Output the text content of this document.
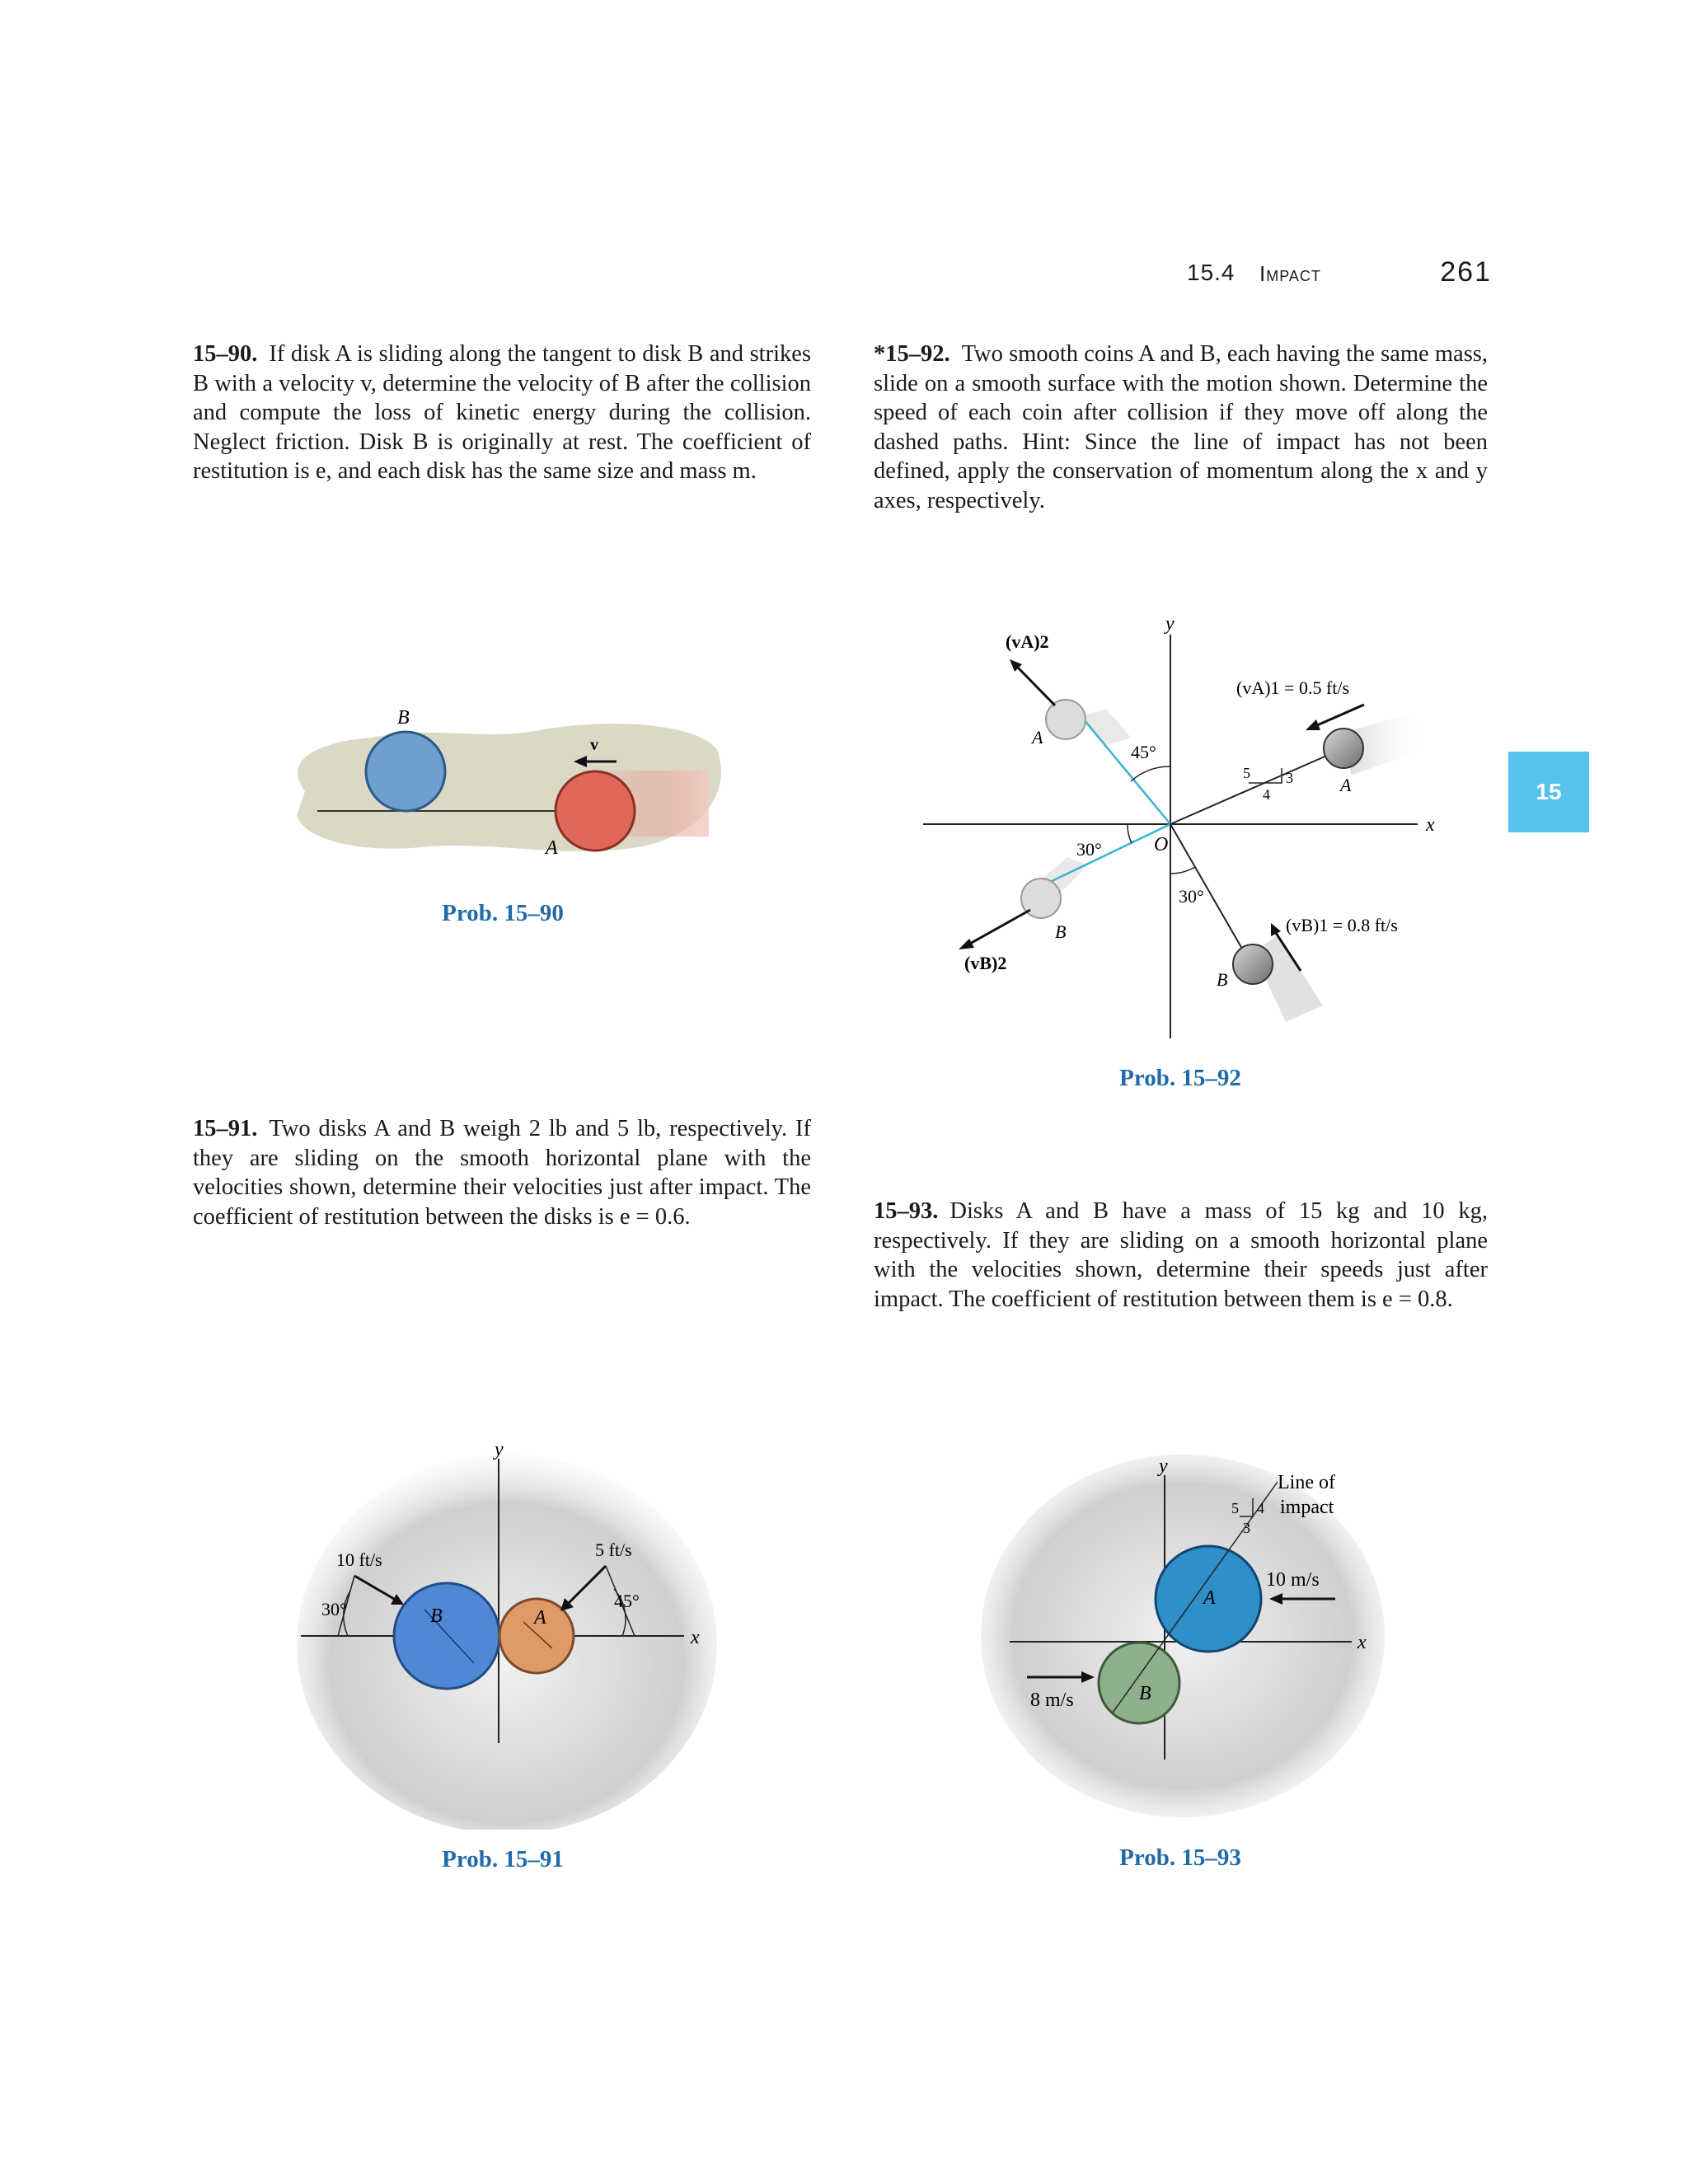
15.4 Impact	261
15
15–90. If disk A is sliding along the tangent to disk B and strikes B with a velocity v, determine the velocity of B after the collision and compute the loss of kinetic energy during the collision. Neglect friction. Disk B is originally at rest. The coefficient of restitution is e, and each disk has the same size and mass m.
*15–92. Two smooth coins A and B, each having the same mass, slide on a smooth surface with the motion shown. Determine the speed of each coin after collision if they move off along the dashed paths. Hint: Since the line of impact has not been defined, apply the conservation of momentum along the x and y axes, respectively.
15–91. Two disks A and B weigh 2 lb and 5 lb, respectively. If they are sliding on the smooth horizontal plane with the velocities shown, determine their velocities just after impact. The coefficient of restitution between the disks is e = 0.6.	15–93. Disks A and B have a mass of 15 kg and 10 kg, respectively. If they are sliding on a smooth horizontal plane with the velocities shown, determine their speeds just after impact. The coefficient of restitution between them is e = 0.8.
v
B
A
Prob. 15–90
x
y
O
5 3
4
45°
30°
30°
(vA)2
(vB)2
(vA)1 = 0.5 ft/s
(vB)1 = 0.8 ft/s
A
A
B
B
Prob. 15–92
x
y
B	A
10 ft/s	5 ft/s
30°	45°
Prob. 15–91
x
y
5 4
3
Line of
impact
A
B
10 m/s
8 m/s
Prob. 15–93
